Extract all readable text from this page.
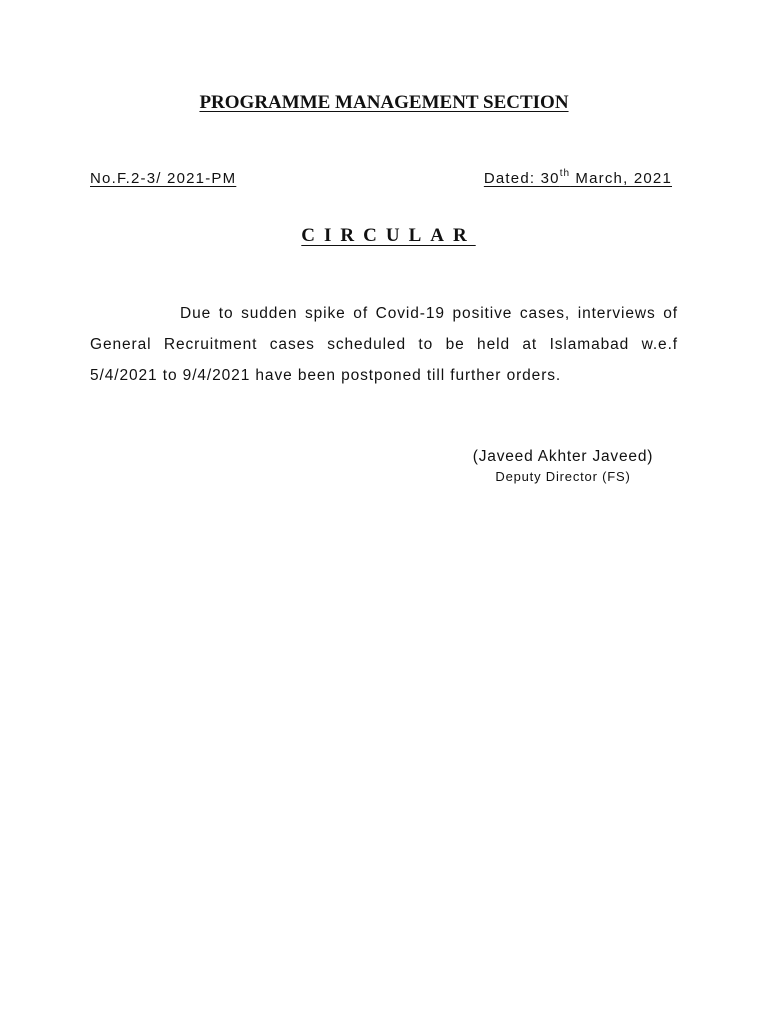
PROGRAMME MANAGEMENT SECTION
No.F.2-3/ 2021-PM	Dated: 30th March, 2021
CIRCULAR

Due to sudden spike of Covid-19 positive cases, interviews of General Recruitment cases scheduled to be held at Islamabad w.e.f 5/4/2021 to 9/4/2021 have been postponed till further orders.

(Javeed Akhter Javeed)
Deputy Director (FS)
